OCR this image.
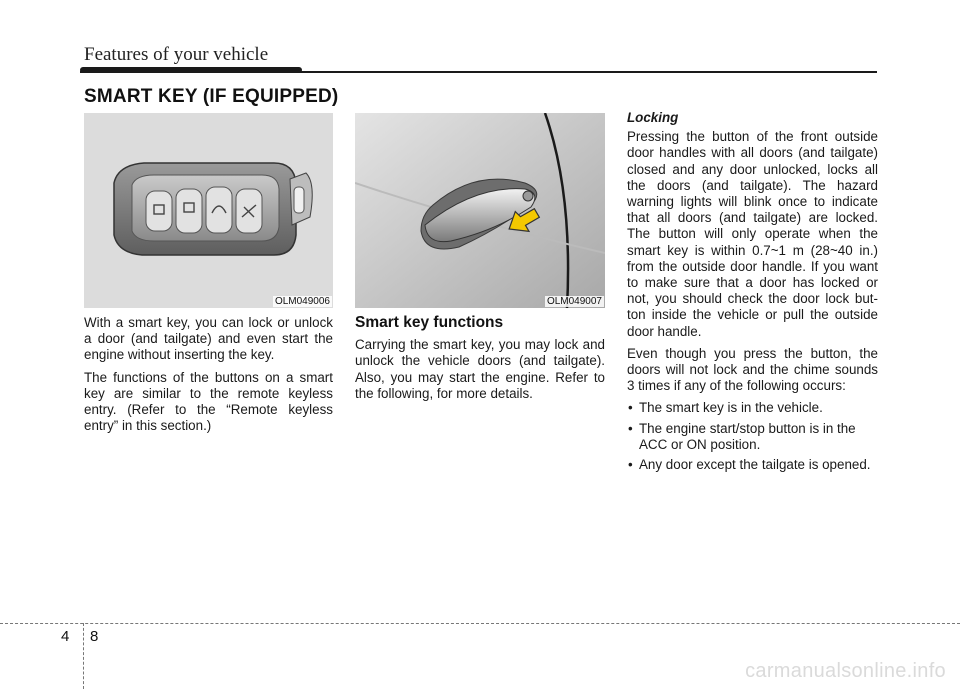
Features of your vehicle
SMART KEY (IF EQUIPPED)
OLM049006	OLM049007

With a smart key, you can lock or unlock a door (and tailgate) and even start the engine without inserting the key.

The functions of the buttons on a smart key are similar to the remote keyless entry. (Refer to the “Remote keyless entry” in this section.)

Smart key functions

Carrying the smart key, you may lock and unlock the vehicle doors (and tailgate). Also, you may start the engine. Refer to the following, for more details.

Locking

Pressing the button of the front outside door handles with all doors (and tailgate) closed and any door unlocked, locks all the doors (and tailgate). The hazard warning lights will blink once to indicate that all doors (and tailgate) are locked. The button will only operate when the smart key is within 0.7~1 m (28~40 in.) from the outside door handle. If you want to make sure that a door has locked or not, you should check the door lock but-ton inside the vehicle or pull the outside door handle.

Even though you press the button, the doors will not lock and the chime sounds 3 times if any of the following occurs:

• The smart key is in the vehicle.
• The engine start/stop button is in the ACC or ON position.
• Any door except the tailgate is opened.
4 8
carmanualsonline.info
